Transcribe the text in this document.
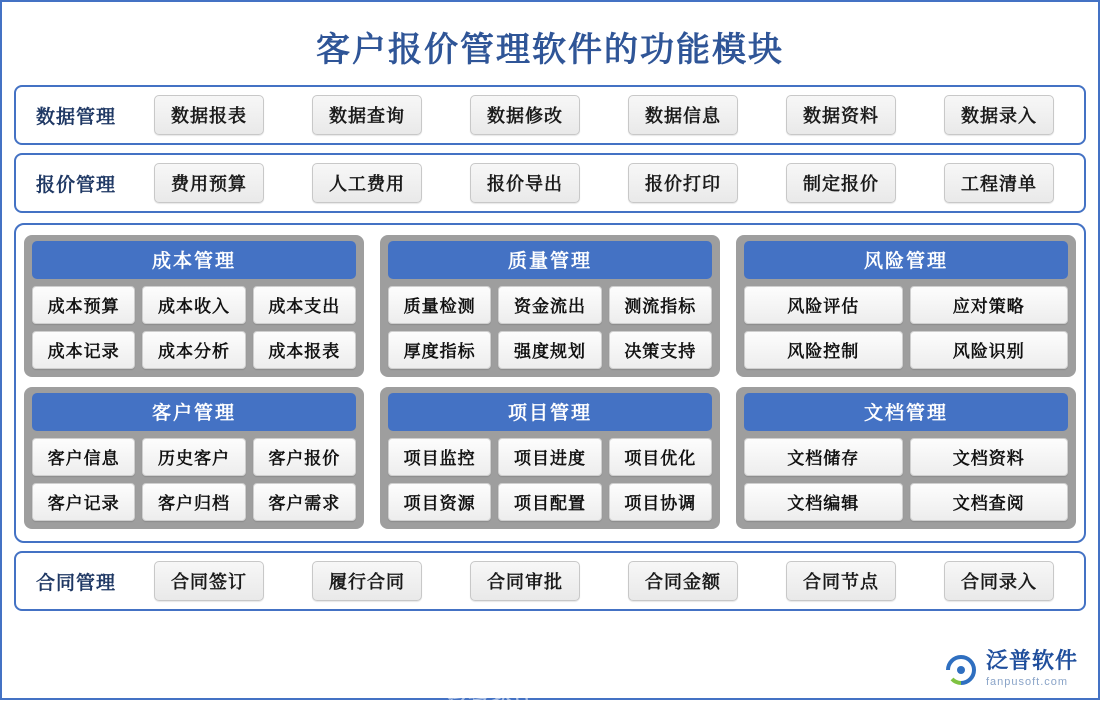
客户报价管理软件的功能模块
数据管理	数据报表	数据查询	数据修改	数据信息	数据资料	数据录入
报价管理	费用预算	人工费用	报价导出	报价打印	制定报价	工程清单
成本管理
成本预算	成本收入	成本支出
成本记录	成本分析	成本报表
质量管理
质量检测	资金流出	测流指标
厚度指标	强度规划	决策支持
风险管理
风险评估	应对策略
风险控制	风险识别
客户管理
客户信息	历史客户	客户报价
客户记录	客户归档	客户需求
项目管理
项目监控	项目进度	项目优化
项目资源	项目配置	项目协调
文档管理
文档储存	文档资料
文档编辑	文档查阅
泛普软件
合同管理	合同签订	履行合同	合同审批	合同金额	合同节点	合同录入
泛普软件
fanpusoft.com
